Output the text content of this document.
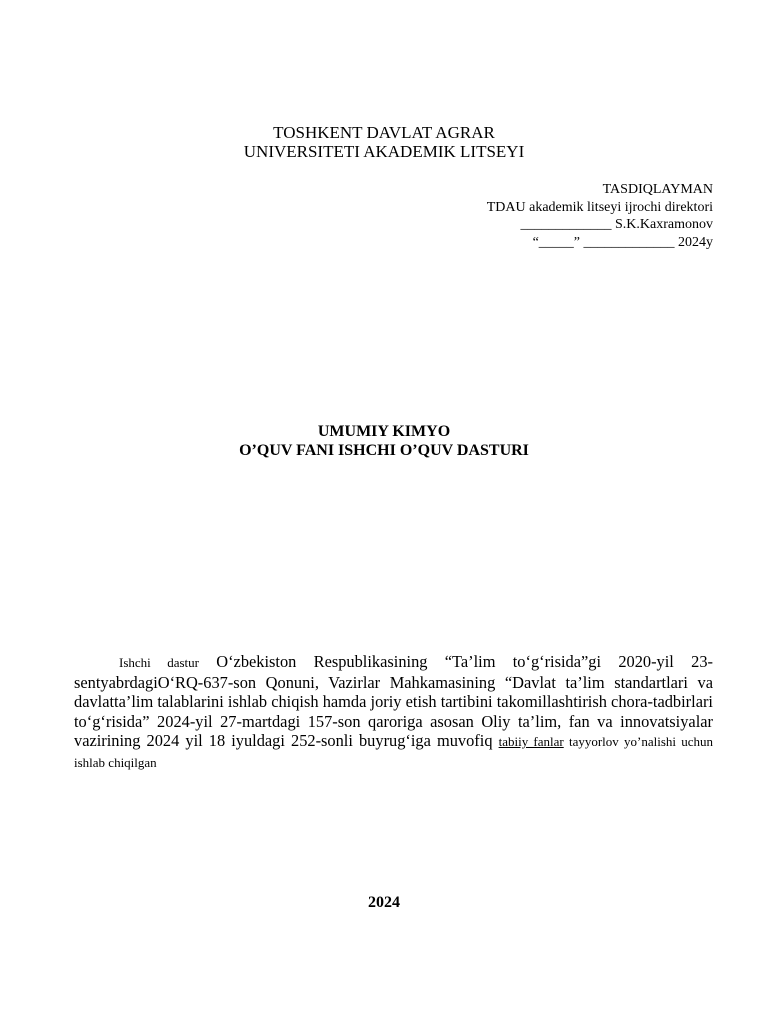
TOSHKENT DAVLAT AGRAR
UNIVERSITETI AKADEMIK LITSEYI
TASDIQLAYMAN
TDAU akademik litseyi ijrochi direktori
_____________ S.K.Kaxramonov
“_____” _____________ 2024y
UMUMIY KIMYO
O’QUV FANI ISHCHI O’QUV DASTURI

Ishchi dastur O‘zbekiston Respublikasining “Ta’lim to‘g‘risida”gi 2020-yil 23-sentyabrdagiO‘RQ-637-son Qonuni, Vazirlar Mahkamasining “Davlat ta’lim standartlari va davlatta’lim talablarini ishlab chiqish hamda joriy etish tartibini takomillashtirish chora-tadbirlari to‘g‘risida” 2024-yil 27-martdagi 157-son qaroriga asosan Oliy ta’lim, fan va innovatsiyalar vazirining 2024 yil 18 iyuldagi 252-sonli buyrug‘iga muvofiq tabiiy fanlar tayyorlov yo’nalishi uchun ishlab chiqilgan

2024
